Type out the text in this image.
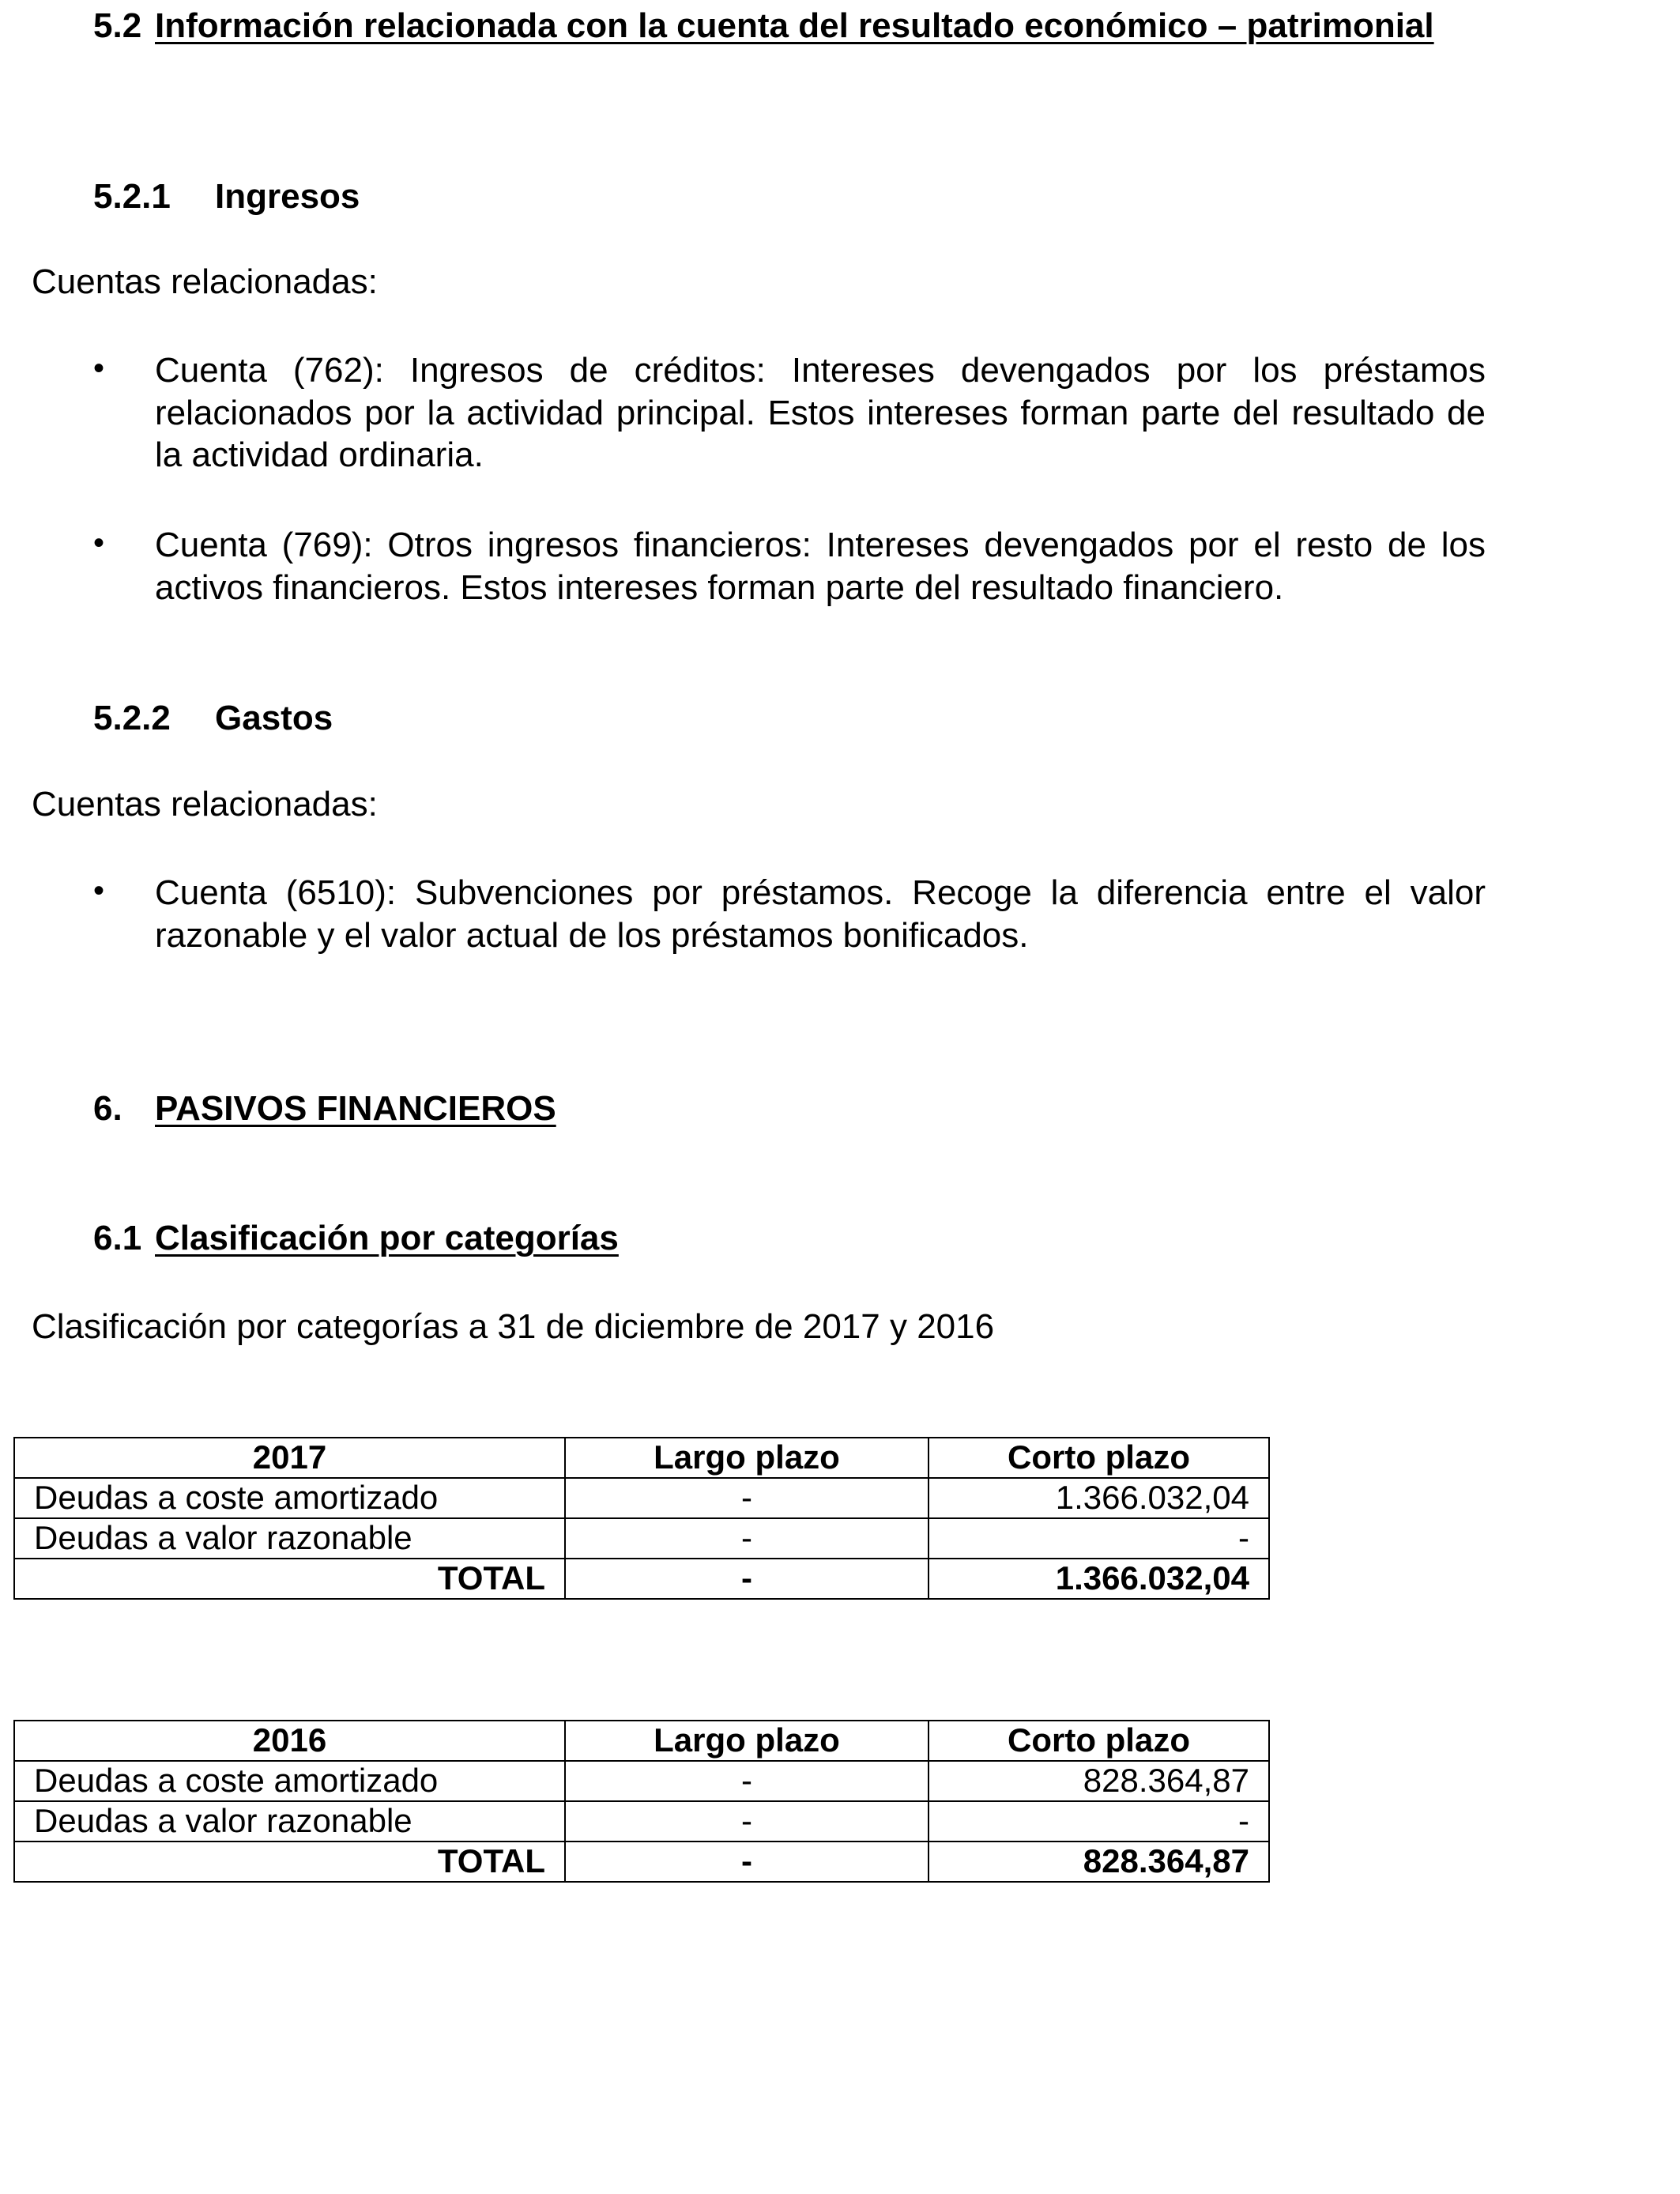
5.2 Información relacionada con la cuenta del resultado económico – patrimonial
5.2.1 Ingresos
Cuentas relacionadas:
• Cuenta (762): Ingresos de créditos: Intereses devengados por los préstamos relacionados por la actividad principal. Estos intereses forman parte del resultado de la actividad ordinaria.
• Cuenta (769): Otros ingresos financieros: Intereses devengados por el resto de los activos financieros. Estos intereses forman parte del resultado financiero.
5.2.2 Gastos
Cuentas relacionadas:
• Cuenta (6510): Subvenciones por préstamos. Recoge la diferencia entre el valor razonable y el valor actual de los préstamos bonificados.
6. PASIVOS FINANCIEROS
6.1 Clasificación por categorías
Clasificación por categorías a 31 de diciembre de 2017 y 2016
2017	Largo plazo	Corto plazo
Deudas a coste amortizado	-	1.366.032,04
Deudas a valor razonable	-	-
TOTAL	-	1.366.032,04
2016	Largo plazo	Corto plazo
Deudas a coste amortizado	-	828.364,87
Deudas a valor razonable	-	-
TOTAL	-	828.364,87
